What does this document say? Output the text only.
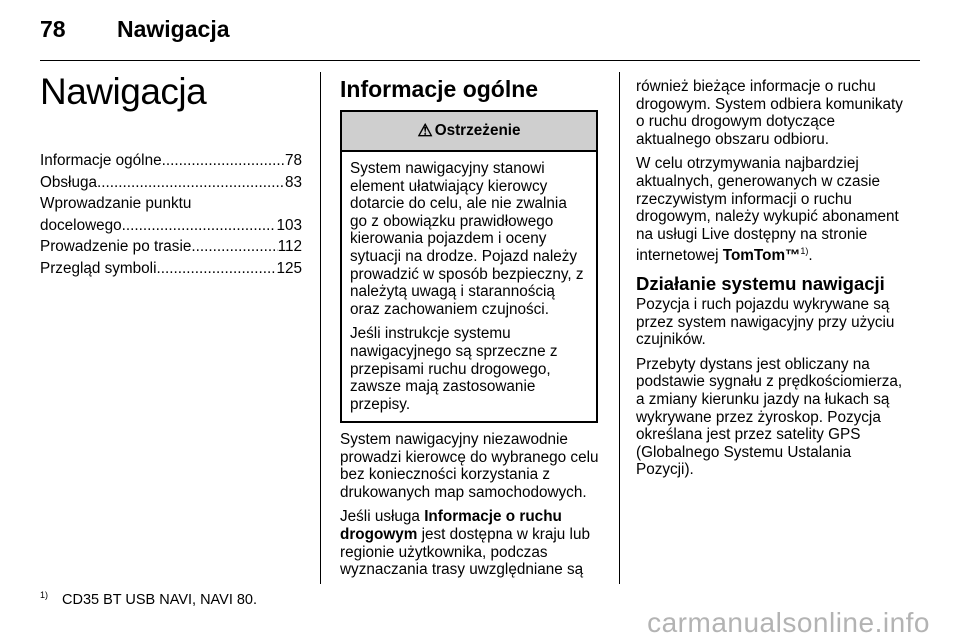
78 Nawigacja
Nawigacja
Informacje ogólne .....	78
Obsługa .....	83
Wprowadzanie punktu
docelowego .....	103
Prowadzenie po trasie .....	112
Przegląd symboli .....	125
Informacje ogólne
⚠ Ostrzeżenie

System nawigacyjny stanowi element ułatwiający kierowcy dotarcie do celu, ale nie zwalnia go z obowiązku prawidłowego kierowania pojazdem i oceny sytuacji na drodze. Pojazd należy prowadzić w sposób bezpieczny, z należytą uwagą i starannością oraz zachowaniem czujności.

Jeśli instrukcje systemu nawigacyjnego są sprzeczne z przepisami ruchu drogowego, zawsze mają zastosowanie przepisy.

System nawigacyjny niezawodnie prowadzi kierowcę do wybranego celu bez konieczności korzystania z drukowanych map samochodowych.

Jeśli usługa Informacje o ruchu drogowym jest dostępna w kraju lub regionie użytkownika, podczas wyznaczania trasy uwzględniane są

również bieżące informacje o ruchu drogowym. System odbiera komunikaty o ruchu drogowym dotyczące aktualnego obszaru odbioru.

W celu otrzymywania najbardziej aktualnych, generowanych w czasie rzeczywistym informacji o ruchu drogowym, należy wykupić abonament na usługi Live dostępny na stronie internetowej TomTom™$^{1)}$.

Działanie systemu nawigacji

Pozycja i ruch pojazdu wykrywane są przez system nawigacyjny przy użyciu czujników.

Przebyty dystans jest obliczany na podstawie sygnału z prędkościomierza, a zmiany kierunku jazdy na łukach są wykrywane przez żyroskop. Pozycja określana jest przez satelity GPS (Globalnego Systemu Ustalania Pozycji).

$^{1)}$ CD35 BT USB NAVI, NAVI 80.
carmanualsonline.info
